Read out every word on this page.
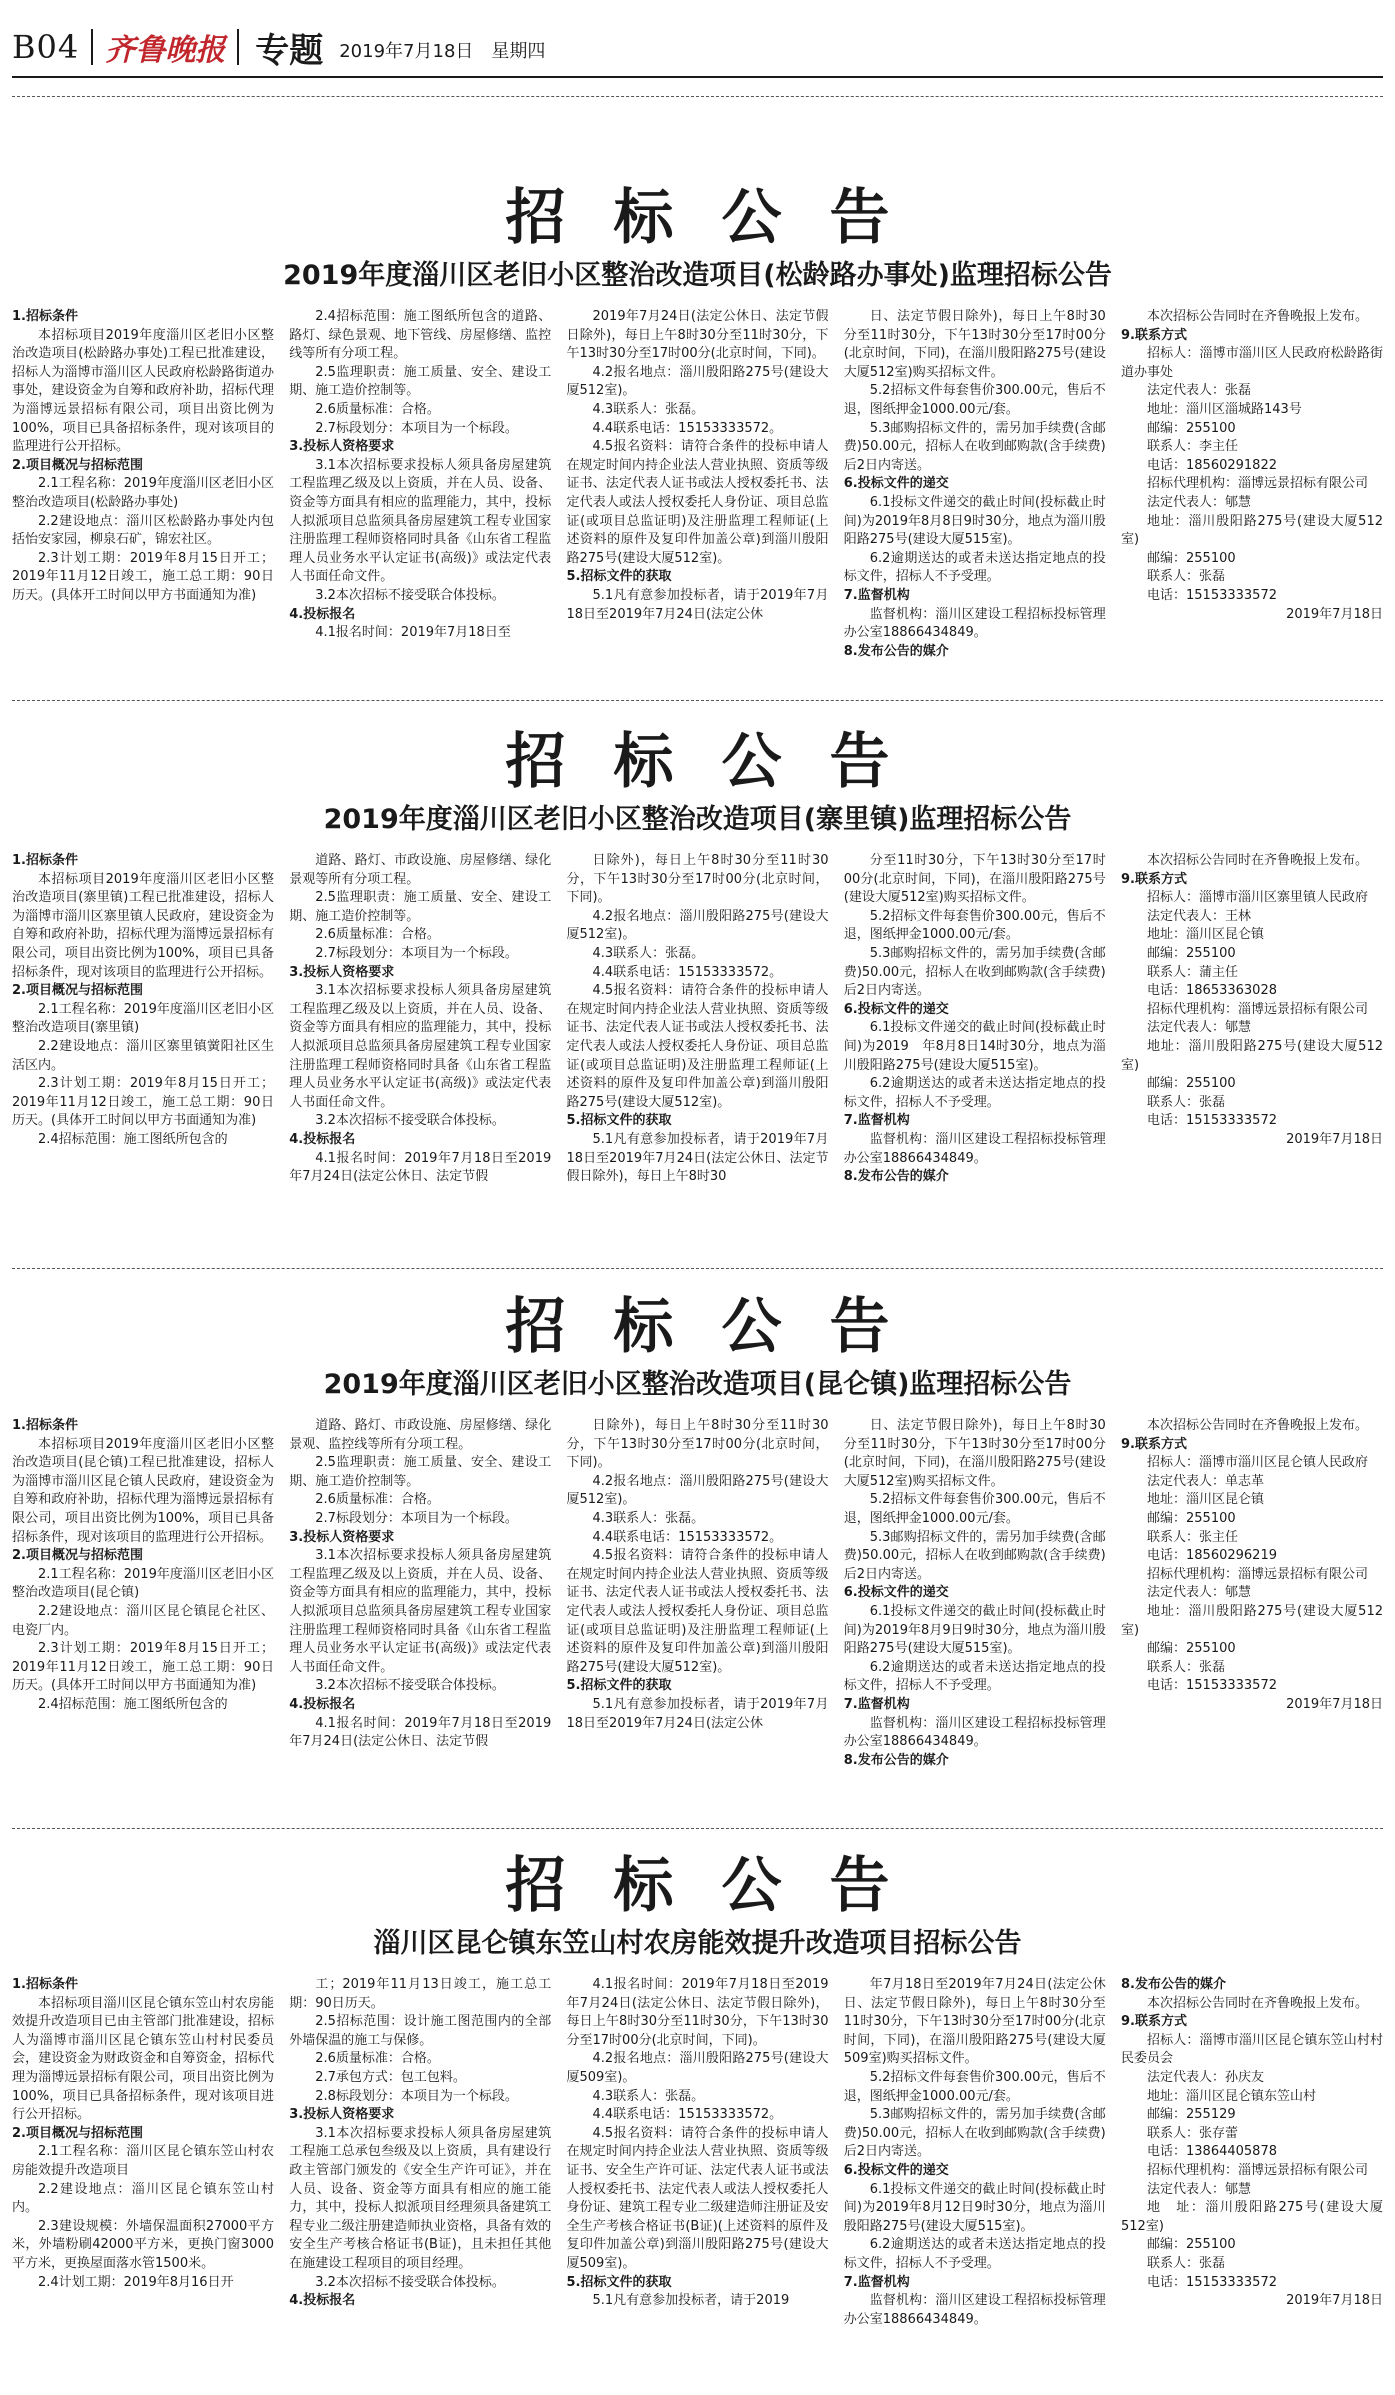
B04 齐鲁晚报 专题 2019年7月18日　星期四
招标公告
2019年度淄川区老旧小区整治改造项目(松龄路办事处)监理招标公告

1.招标条件

本招标项目2019年度淄川区老旧小区整治改造项目(松龄路办事处)工程已批准建设，招标人为淄博市淄川区人民政府松龄路街道办事处，建设资金为自筹和政府补助，招标代理为淄博远景招标有限公司，项目出资比例为100%，项目已具备招标条件，现对该项目的监理进行公开招标。

2.项目概况与招标范围

2.1工程名称：2019年度淄川区老旧小区整治改造项目(松龄路办事处)

2.2建设地点：淄川区松龄路办事处内包括怡安家园，柳泉石矿，锦宏社区。

2.3计划工期：2019年8月15日开工；2019年11月12日竣工，施工总工期：90日历天。(具体开工时间以甲方书面通知为准)

2.4招标范围：施工图纸所包含的道路、路灯、绿色景观、地下管线、房屋修缮、监控线等所有分项工程。

2.5监理职责：施工质量、安全、建设工期、施工造价控制等。

2.6质量标准：合格。

2.7标段划分：本项目为一个标段。

3.投标人资格要求

3.1本次招标要求投标人须具备房屋建筑工程监理乙级及以上资质，并在人员、设备、资金等方面具有相应的监理能力，其中，投标人拟派项目总监须具备房屋建筑工程专业国家注册监理工程师资格同时具备《山东省工程监理人员业务水平认定证书(高级)》或法定代表人书面任命文件。

3.2本次招标不接受联合体投标。

4.投标报名

4.1报名时间：2019年7月18日至

2019年7月24日(法定公休日、法定节假日除外)，每日上午8时30分至11时30分，下午13时30分至17时00分(北京时间，下同)。

4.2报名地点：淄川殷阳路275号(建设大厦512室)。

4.3联系人：张磊。

4.4联系电话：15153333572。

4.5报名资料：请符合条件的投标申请人在规定时间内持企业法人营业执照、资质等级证书、法定代表人证书或法人授权委托书、法定代表人或法人授权委托人身份证、项目总监证(或项目总监证明)及注册监理工程师证(上述资料的原件及复印件加盖公章)到淄川殷阳路275号(建设大厦512室)。

5.招标文件的获取

5.1凡有意参加投标者，请于2019年7月18日至2019年7月24日(法定公休

日、法定节假日除外)，每日上午8时30分至11时30分，下午13时30分至17时00分(北京时间，下同)，在淄川殷阳路275号(建设大厦512室)购买招标文件。

5.2招标文件每套售价300.00元，售后不退，图纸押金1000.00元/套。

5.3邮购招标文件的，需另加手续费(含邮费)50.00元，招标人在收到邮购款(含手续费)后2日内寄送。

6.投标文件的递交

6.1投标文件递交的截止时间(投标截止时间)为2019年8月8日9时30分，地点为淄川殷阳路275号(建设大厦515室)。

6.2逾期送达的或者未送达指定地点的投标文件，招标人不予受理。

7.监督机构

监督机构：淄川区建设工程招标投标管理办公室18866434849。

8.发布公告的媒介

本次招标公告同时在齐鲁晚报上发布。

9.联系方式

招标人：淄博市淄川区人民政府松龄路街道办事处

法定代表人：张磊

地址：淄川区淄城路143号

邮编：255100

联系人：李主任

电话：18560291822

招标代理机构：淄博远景招标有限公司

法定代表人：郇慧

地址：淄川殷阳路275号(建设大厦512室)

邮编：255100

联系人：张磊

电话：15153333572

2019年7月18日

招标公告
2019年度淄川区老旧小区整治改造项目(寨里镇)监理招标公告

1.招标条件

本招标项目2019年度淄川区老旧小区整治改造项目(寨里镇)工程已批准建设，招标人为淄博市淄川区寨里镇人民政府，建设资金为自筹和政府补助，招标代理为淄博远景招标有限公司，项目出资比例为100%，项目已具备招标条件，现对该项目的监理进行公开招标。

2.项目概况与招标范围

2.1工程名称：2019年度淄川区老旧小区整治改造项目(寨里镇)

2.2建设地点：淄川区寨里镇黉阳社区生活区内。

2.3计划工期：2019年8月15日开工；2019年11月12日竣工，施工总工期：90日历天。(具体开工时间以甲方书面通知为准)

2.4招标范围：施工图纸所包含的

道路、路灯、市政设施、房屋修缮、绿化景观等所有分项工程。

2.5监理职责：施工质量、安全、建设工期、施工造价控制等。

2.6质量标准：合格。

2.7标段划分：本项目为一个标段。

3.投标人资格要求

3.1本次招标要求投标人须具备房屋建筑工程监理乙级及以上资质，并在人员、设备、资金等方面具有相应的监理能力，其中，投标人拟派项目总监须具备房屋建筑工程专业国家注册监理工程师资格同时具备《山东省工程监理人员业务水平认定证书(高级)》或法定代表人书面任命文件。

3.2本次招标不接受联合体投标。

4.投标报名

4.1报名时间：2019年7月18日至2019年7月24日(法定公休日、法定节假

日除外)，每日上午8时30分至11时30分，下午13时30分至17时00分(北京时间，下同)。

4.2报名地点：淄川殷阳路275号(建设大厦512室)。

4.3联系人：张磊。

4.4联系电话：15153333572。

4.5报名资料：请符合条件的投标申请人在规定时间内持企业法人营业执照、资质等级证书、法定代表人证书或法人授权委托书、法定代表人或法人授权委托人身份证、项目总监证(或项目总监证明)及注册监理工程师证(上述资料的原件及复印件加盖公章)到淄川殷阳路275号(建设大厦512室)。

5.招标文件的获取

5.1凡有意参加投标者，请于2019年7月18日至2019年7月24日(法定公休日、法定节假日除外)，每日上午8时30

分至11时30分，下午13时30分至17时00分(北京时间，下同)，在淄川殷阳路275号(建设大厦512室)购买招标文件。

5.2招标文件每套售价300.00元，售后不退，图纸押金1000.00元/套。

5.3邮购招标文件的，需另加手续费(含邮费)50.00元，招标人在收到邮购款(含手续费)后2日内寄送。

6.投标文件的递交

6.1投标文件递交的截止时间(投标截止时间)为2019　年8月8日14时30分，地点为淄川殷阳路275号(建设大厦515室)。

6.2逾期送达的或者未送达指定地点的投标文件，招标人不予受理。

7.监督机构

监督机构：淄川区建设工程招标投标管理办公室18866434849。

8.发布公告的媒介

本次招标公告同时在齐鲁晚报上发布。

9.联系方式

招标人：淄博市淄川区寨里镇人民政府

法定代表人：王林

地址：淄川区昆仑镇

邮编：255100

联系人：蒲主任

电话：18653363028

招标代理机构：淄博远景招标有限公司

法定代表人：郇慧

地址：淄川殷阳路275号(建设大厦512室)

邮编：255100

联系人：张磊

电话：15153333572

2019年7月18日

招标公告
2019年度淄川区老旧小区整治改造项目(昆仑镇)监理招标公告

1.招标条件

本招标项目2019年度淄川区老旧小区整治改造项目(昆仑镇)工程已批准建设，招标人为淄博市淄川区昆仑镇人民政府，建设资金为自筹和政府补助，招标代理为淄博远景招标有限公司，项目出资比例为100%，项目已具备招标条件，现对该项目的监理进行公开招标。

2.项目概况与招标范围

2.1工程名称：2019年度淄川区老旧小区整治改造项目(昆仑镇)

2.2建设地点：淄川区昆仑镇昆仑社区、电瓷厂内。

2.3计划工期：2019年8月15日开工；2019年11月12日竣工，施工总工期：90日历天。(具体开工时间以甲方书面通知为准)

2.4招标范围：施工图纸所包含的

道路、路灯、市政设施、房屋修缮、绿化景观、监控线等所有分项工程。

2.5监理职责：施工质量、安全、建设工期、施工造价控制等。

2.6质量标准：合格。

2.7标段划分：本项目为一个标段。

3.投标人资格要求

3.1本次招标要求投标人须具备房屋建筑工程监理乙级及以上资质，并在人员、设备、资金等方面具有相应的监理能力，其中，投标人拟派项目总监须具备房屋建筑工程专业国家注册监理工程师资格同时具备《山东省工程监理人员业务水平认定证书(高级)》或法定代表人书面任命文件。

3.2本次招标不接受联合体投标。

4.投标报名

4.1报名时间：2019年7月18日至2019年7月24日(法定公休日、法定节假

日除外)，每日上午8时30分至11时30分，下午13时30分至17时00分(北京时间，下同)。

4.2报名地点：淄川殷阳路275号(建设大厦512室)。

4.3联系人：张磊。

4.4联系电话：15153333572。

4.5报名资料：请符合条件的投标申请人在规定时间内持企业法人营业执照、资质等级证书、法定代表人证书或法人授权委托书、法定代表人或法人授权委托人身份证、项目总监证(或项目总监证明)及注册监理工程师证(上述资料的原件及复印件加盖公章)到淄川殷阳路275号(建设大厦512室)。

5.招标文件的获取

5.1凡有意参加投标者，请于2019年7月18日至2019年7月24日(法定公休

日、法定节假日除外)，每日上午8时30分至11时30分，下午13时30分至17时00分(北京时间，下同)，在淄川殷阳路275号(建设大厦512室)购买招标文件。

5.2招标文件每套售价300.00元，售后不退，图纸押金1000.00元/套。

5.3邮购招标文件的，需另加手续费(含邮费)50.00元，招标人在收到邮购款(含手续费)后2日内寄送。

6.投标文件的递交

6.1投标文件递交的截止时间(投标截止时间)为2019年8月9日9时30分，地点为淄川殷阳路275号(建设大厦515室)。

6.2逾期送达的或者未送达指定地点的投标文件，招标人不予受理。

7.监督机构

监督机构：淄川区建设工程招标投标管理办公室18866434849。

8.发布公告的媒介

本次招标公告同时在齐鲁晚报上发布。

9.联系方式

招标人：淄博市淄川区昆仑镇人民政府

法定代表人：单志革

地址：淄川区昆仑镇

邮编：255100

联系人：张主任

电话：18560296219

招标代理机构：淄博远景招标有限公司

法定代表人：郇慧

地址：淄川殷阳路275号(建设大厦512室)

邮编：255100

联系人：张磊

电话：15153333572

2019年7月18日

招标公告
淄川区昆仑镇东笠山村农房能效提升改造项目招标公告

1.招标条件

本招标项目淄川区昆仑镇东笠山村农房能效提升改造项目已由主管部门批准建设，招标人为淄博市淄川区昆仑镇东笠山村村民委员会，建设资金为财政资金和自筹资金，招标代理为淄博远景招标有限公司，项目出资比例为100%，项目已具备招标条件，现对该项目进行公开招标。

2.项目概况与招标范围

2.1工程名称：淄川区昆仑镇东笠山村农房能效提升改造项目

2.2建设地点：淄川区昆仑镇东笠山村内。

2.3建设规模：外墙保温面积27000平方米，外墙粉刷42000平方米，更换门窗3000平方米，更换屋面落水管1500米。

2.4计划工期：2019年8月16日开

工；2019年11月13日竣工，施工总工期：90日历天。

2.5招标范围：设计施工图范围内的全部外墙保温的施工与保修。

2.6质量标准：合格。

2.7承包方式：包工包料。

2.8标段划分：本项目为一个标段。

3.投标人资格要求

3.1本次招标要求投标人须具备房屋建筑工程施工总承包叁级及以上资质，具有建设行政主管部门颁发的《安全生产许可证》，并在人员、设备、资金等方面具有相应的施工能力，其中，投标人拟派项目经理须具备建筑工程专业二级注册建造师执业资格，具备有效的安全生产考核合格证书(B证)，且未担任其他在施建设工程项目的项目经理。

3.2本次招标不接受联合体投标。

4.投标报名

4.1报名时间：2019年7月18日至2019年7月24日(法定公休日、法定节假日除外)，每日上午8时30分至11时30分，下午13时30分至17时00分(北京时间，下同)。

4.2报名地点：淄川殷阳路275号(建设大厦509室)。

4.3联系人：张磊。

4.4联系电话：15153333572。

4.5报名资料：请符合条件的投标申请人在规定时间内持企业法人营业执照、资质等级证书、安全生产许可证、法定代表人证书或法人授权委托书、法定代表人或法人授权委托人身份证、建筑工程专业二级建造师注册证及安全生产考核合格证书(B证)(上述资料的原件及复印件加盖公章)到淄川殷阳路275号(建设大厦509室)。

5.招标文件的获取

5.1凡有意参加投标者，请于2019

年7月18日至2019年7月24日(法定公休日、法定节假日除外)，每日上午8时30分至11时30分，下午13时30分至17时00分(北京时间，下同)，在淄川殷阳路275号(建设大厦509室)购买招标文件。

5.2招标文件每套售价300.00元，售后不退，图纸押金1000.00元/套。

5.3邮购招标文件的，需另加手续费(含邮费)50.00元，招标人在收到邮购款(含手续费)后2日内寄送。

6.投标文件的递交

6.1投标文件递交的截止时间(投标截止时间)为2019年8月12日9时30分，地点为淄川殷阳路275号(建设大厦515室)。

6.2逾期送达的或者未送达指定地点的投标文件，招标人不予受理。

7.监督机构

监督机构：淄川区建设工程招标投标管理办公室18866434849。

8.发布公告的媒介

本次招标公告同时在齐鲁晚报上发布。

9.联系方式

招标人：淄博市淄川区昆仑镇东笠山村村民委员会

法定代表人：孙庆友

地址：淄川区昆仑镇东笠山村

邮编：255129

联系人：张存蕾

电话：13864405878

招标代理机构：淄博远景招标有限公司

法定代表人：郇慧

地　址：淄川殷阳路275号(建设大厦512室)

邮编：255100

联系人：张磊

电话：15153333572

2019年7月18日
